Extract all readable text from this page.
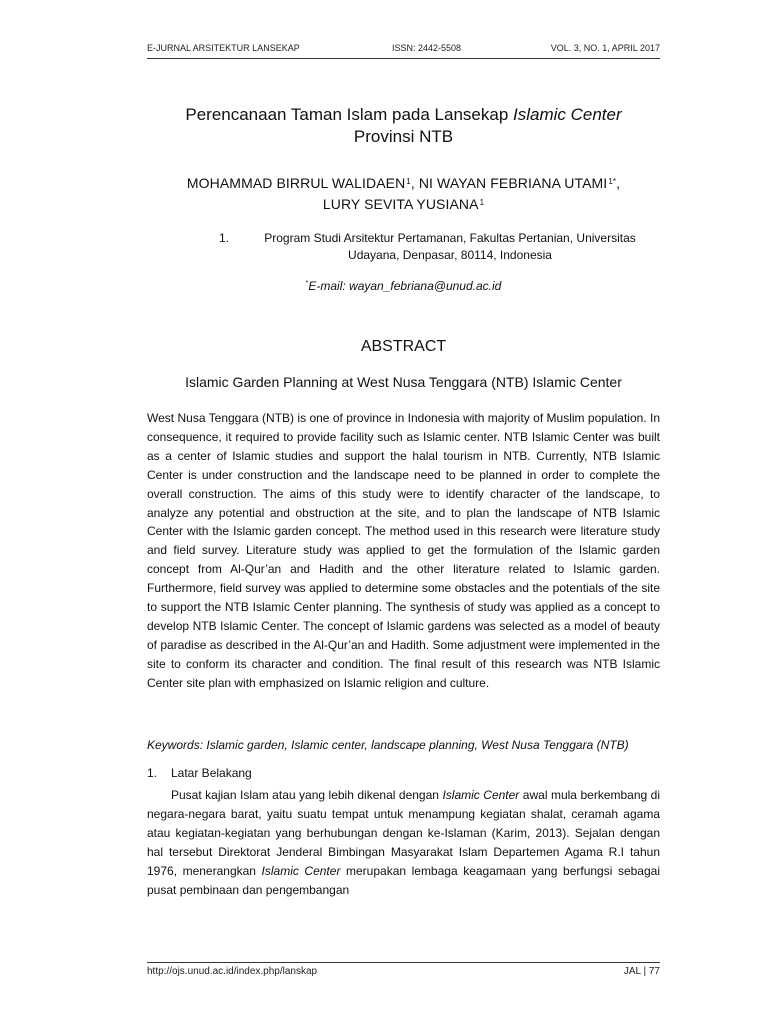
E-JURNAL ARSITEKTUR LANSEKAP	ISSN: 2442-5508	VOL. 3, NO. 1, APRIL 2017
Perencanaan Taman Islam pada Lansekap Islamic Center
Provinsi NTB
MOHAMMAD BIRRUL WALIDAEN$^1$, NI WAYAN FEBRIANA $UTAMI^{1*}$,
LURY SEVITA YUSIANA$^1$
1.	Program Studi Arsitektur Pertamanan, Fakultas Pertanian, Universitas
Udayana, Denpasar, 80114, Indonesia
*E-mail: wayan_febriana@unud.ac.id
ABSTRACT
Islamic Garden Planning at West Nusa Tenggara (NTB) Islamic Center

West Nusa Tenggara (NTB) is one of province in Indonesia with majority of Muslim population. In consequence, it required to provide facility such as Islamic center. NTB Islamic Center was built as a center of Islamic studies and support the halal tourism in NTB. Currently, NTB Islamic Center is under construction and the landscape need to be planned in order to complete the overall construction. The aims of this study were to identify character of the landscape, to analyze any potential and obstruction at the site, and to plan the landscape of NTB Islamic Center with the Islamic garden concept. The method used in this research were literature study and field survey. Literature study was applied to get the formulation of the Islamic garden concept from Al-Qur’an and Hadith and the other literature related to Islamic garden. Furthermore, field survey was applied to determine some obstacles and the potentials of the site to support the NTB Islamic Center planning. The synthesis of study was applied as a concept to develop NTB Islamic Center. The concept of Islamic gardens was selected as a model of beauty of paradise as described in the Al-Qur’an and Hadith. Some adjustment were implemented in the site to conform its character and condition. The final result of this research was NTB Islamic Center site plan with emphasized on Islamic religion and culture.

Keywords: Islamic garden, Islamic center, landscape planning, West Nusa Tenggara (NTB)
1. Latar Belakang

Pusat kajian Islam atau yang lebih dikenal dengan Islamic Center awal mula berkembang di negara-negara barat, yaitu suatu tempat untuk menampung kegiatan shalat, ceramah agama atau kegiatan-kegiatan yang berhubungan dengan ke-Islaman (Karim, 2013). Sejalan dengan hal tersebut Direktorat Jenderal Bimbingan Masyarakat Islam Departemen Agama R.I tahun 1976, menerangkan Islamic Center merupakan lembaga keagamaan yang berfungsi sebagai pusat pembinaan dan pengembangan

http://ojs.unud.ac.id/index.php/lanskap	JAL | 77
